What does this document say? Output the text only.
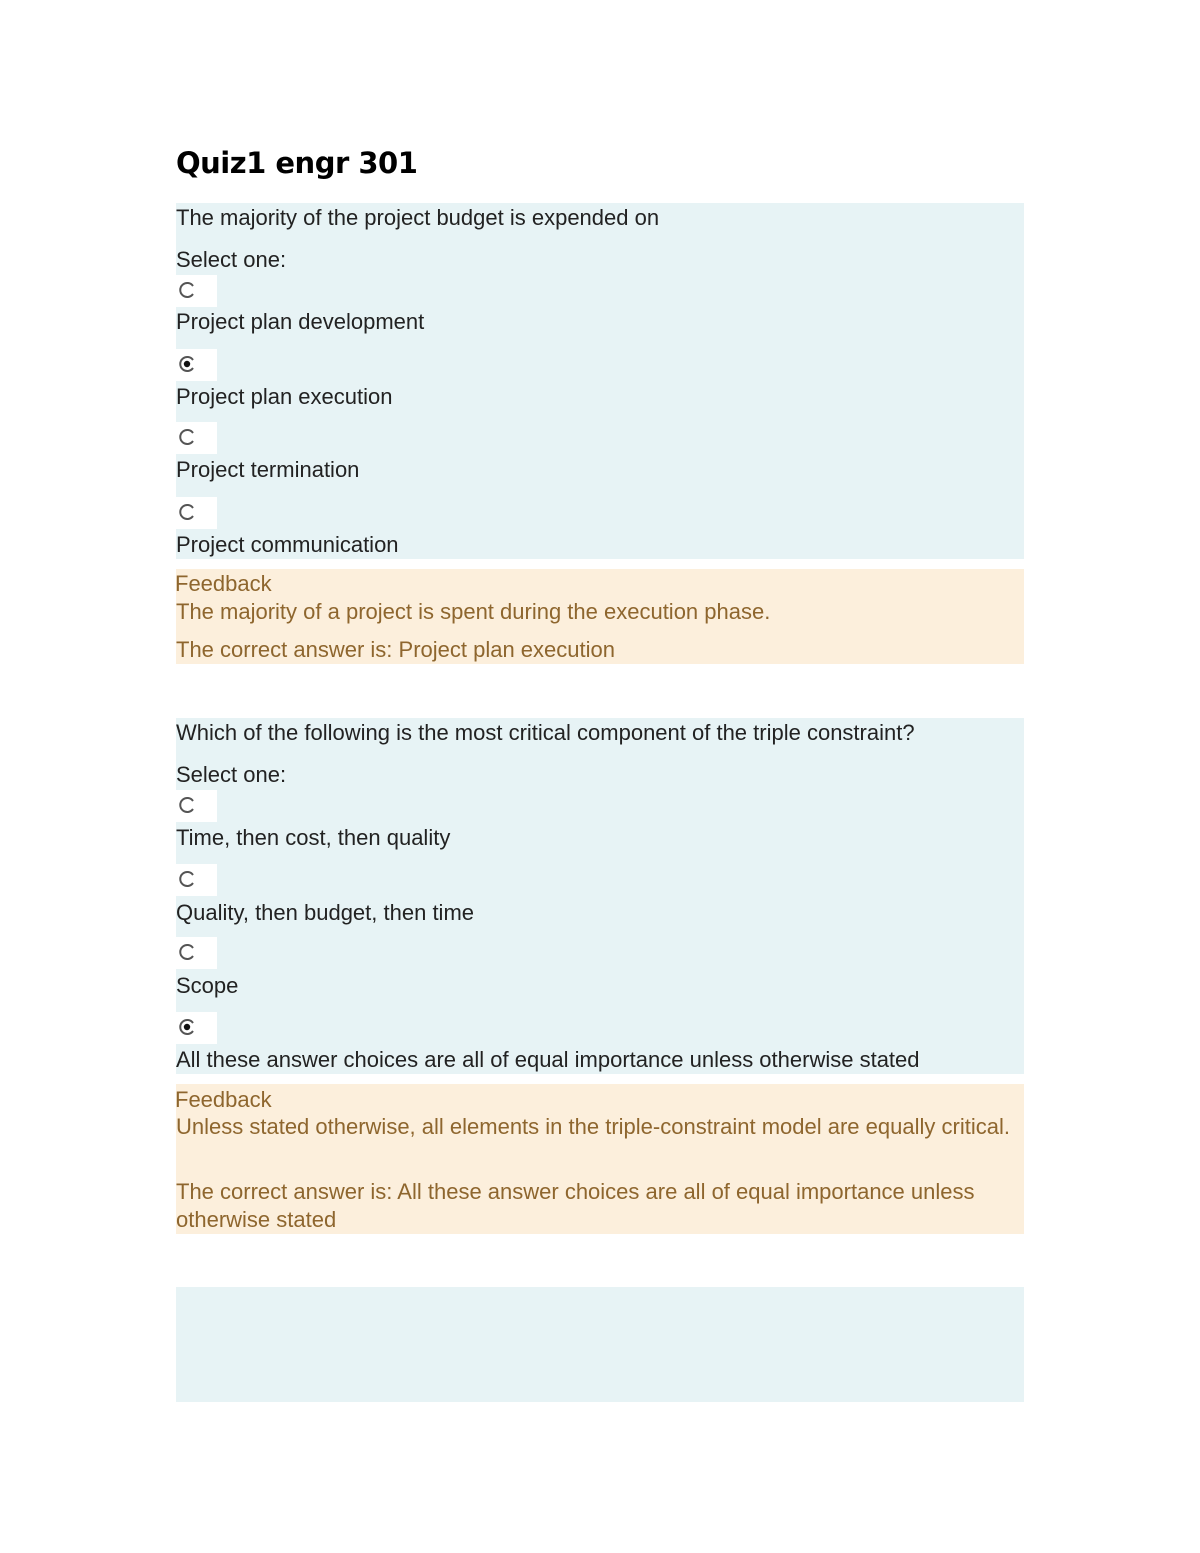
Quiz1 engr 301
The majority of the project budget is expended on
Select one:
Project plan development
Project plan execution
Project termination
Project communication
Feedback
The majority of a project is spent during the execution phase.
The correct answer is: Project plan execution
Which of the following is the most critical component of the triple constraint?
Select one:
Time, then cost, then quality
Quality, then budget, then time
Scope
All these answer choices are all of equal importance unless otherwise stated
Feedback
Unless stated otherwise, all elements in the triple-constraint model are equally critical.
The correct answer is: All these answer choices are all of equal importance unless otherwise stated
